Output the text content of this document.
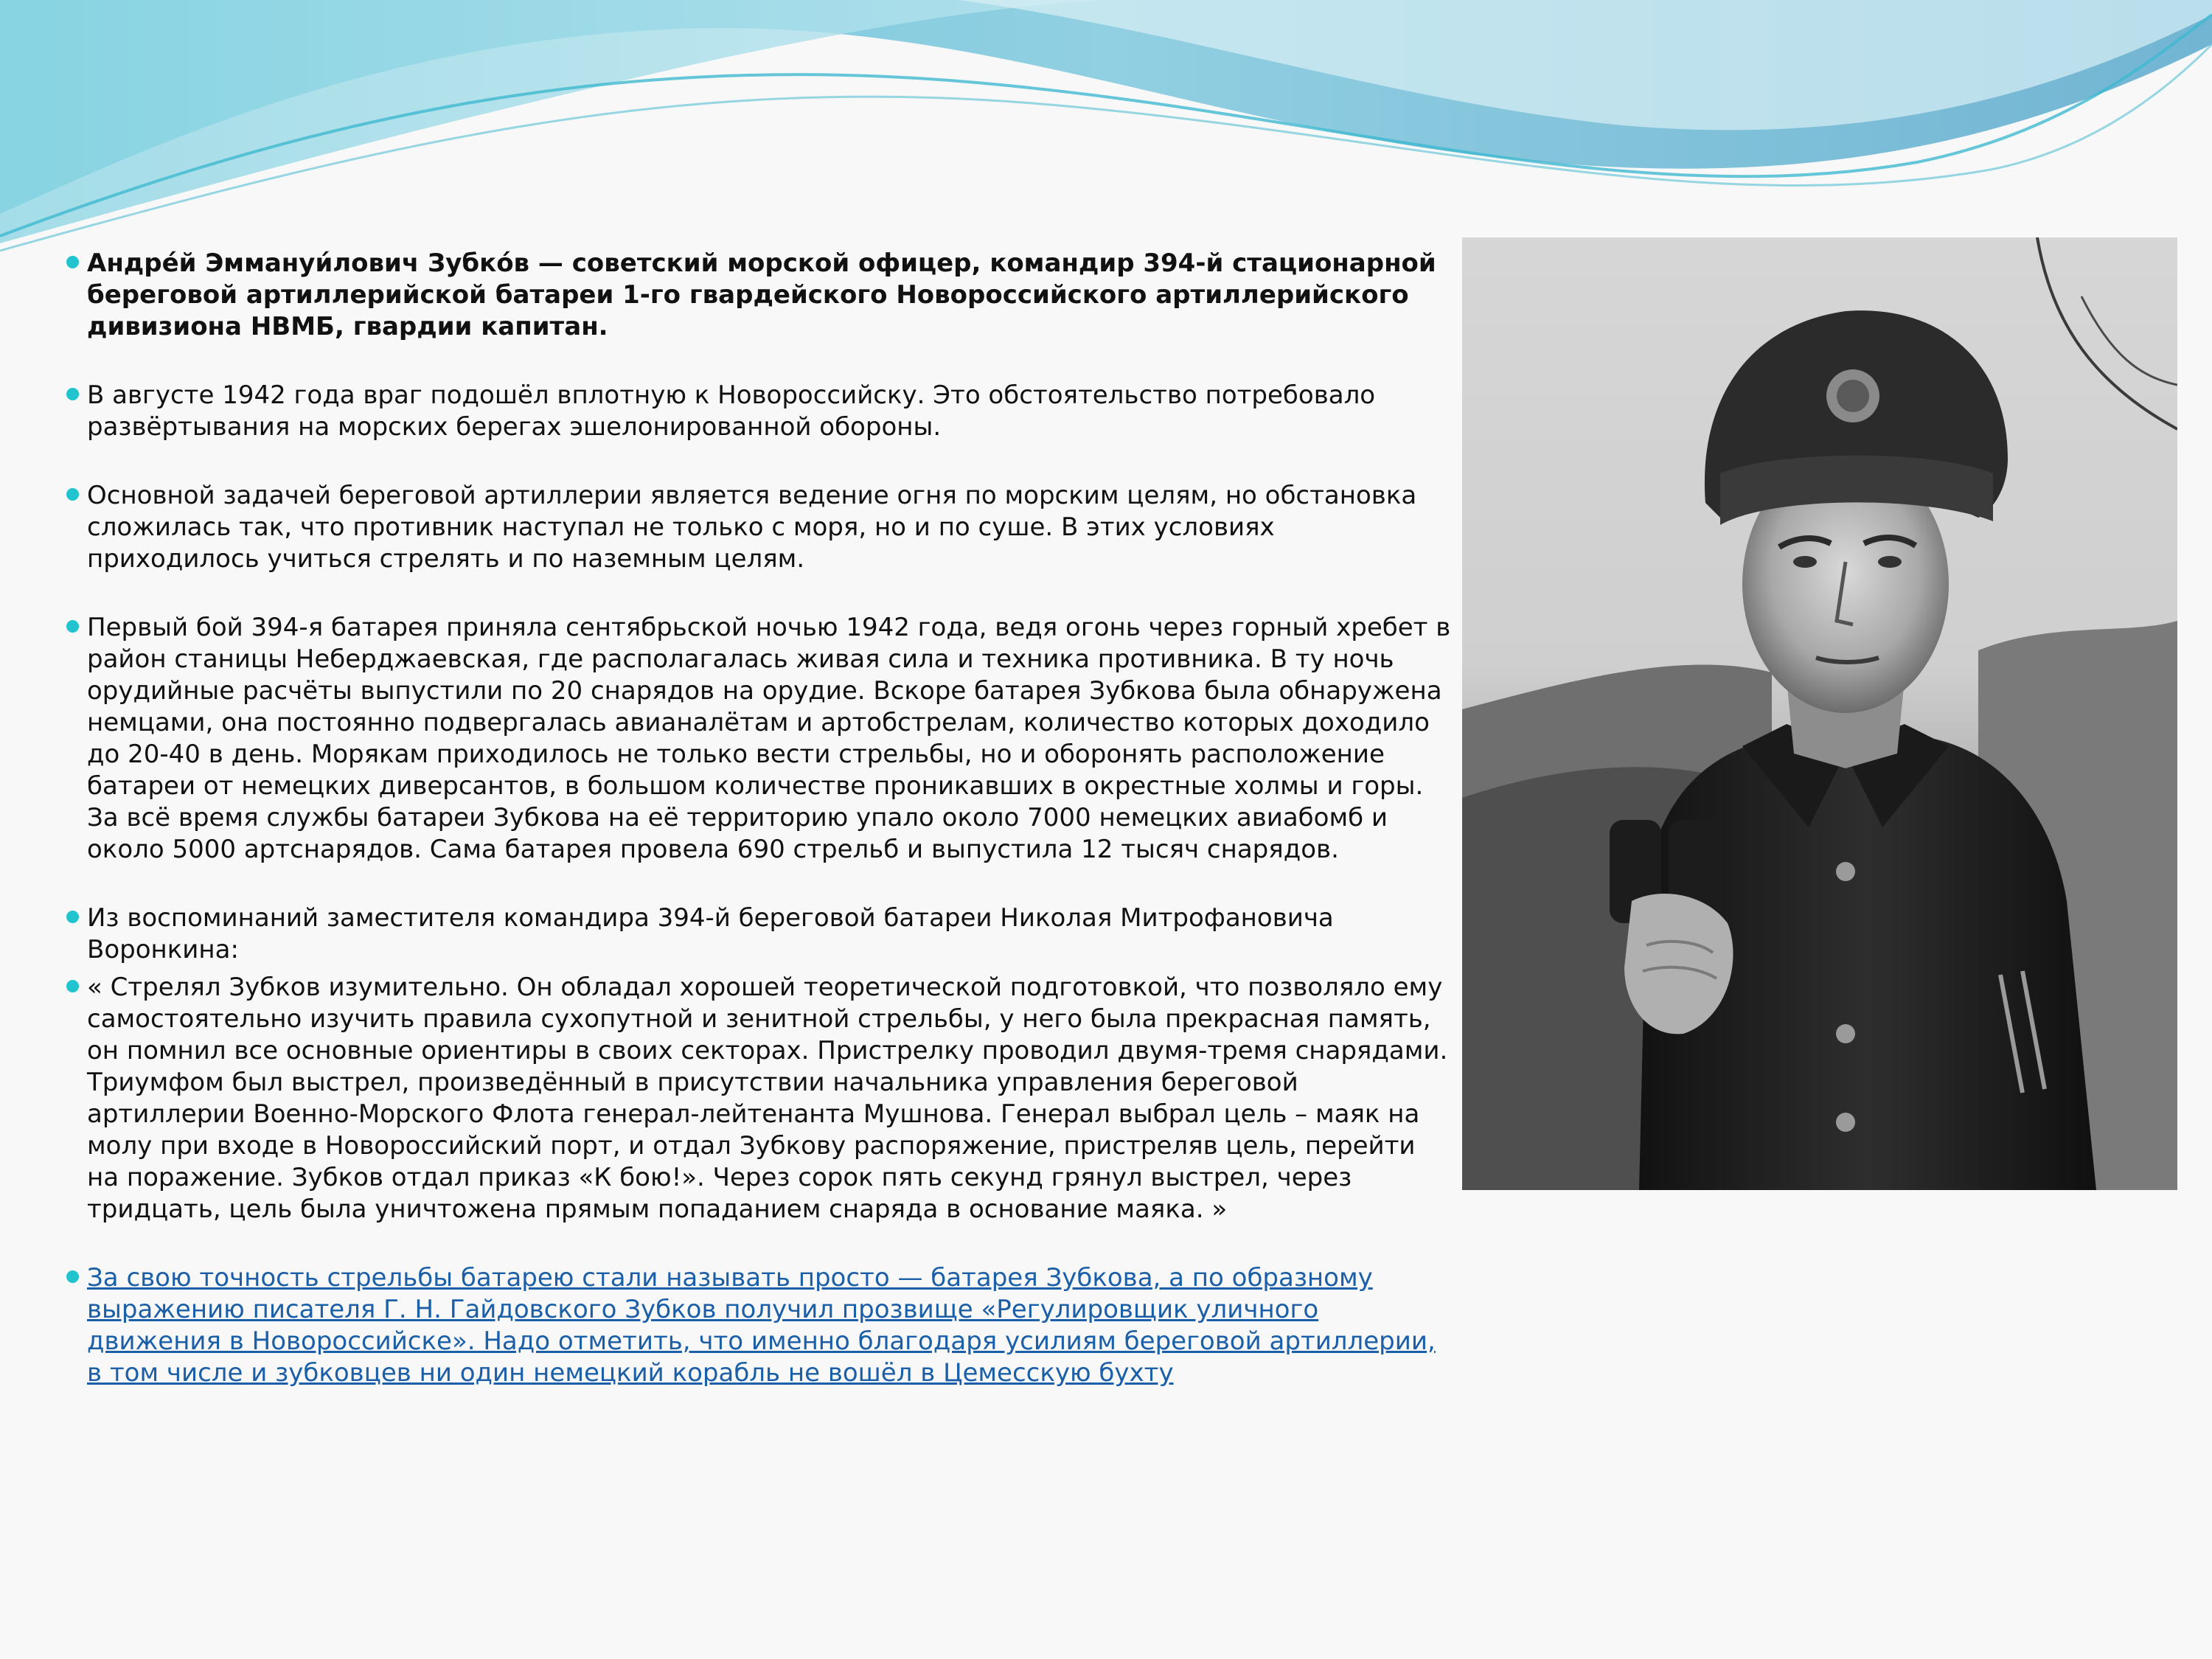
Андре́й Эммануи́лович Зубко́в — советский морской офицер, командир 394-й стационарной береговой артиллерийской батареи 1-го гвардейского Новороссийского артиллерийского дивизиона НВМБ, гвардии капитан.
В августе 1942 года враг подошёл вплотную к Новороссийску. Это обстоятельство потребовало развёртывания на морских берегах эшелонированной обороны.
Основной задачей береговой артиллерии является ведение огня по морским целям, но обстановка сложилась так, что противник наступал не только с моря, но и по суше. В этих условиях приходилось учиться стрелять и по наземным целям.
Первый бой 394-я батарея приняла сентябрьской ночью 1942 года, ведя огонь через горный хребет в район станицы Неберджаевская, где располагалась живая сила и техника противника. В ту ночь орудийные расчёты выпустили по 20 снарядов на орудие. Вскоре батарея Зубкова была обнаружена немцами, она постоянно подвергалась авианалётам и артобстрелам, количество которых доходило до 20-40 в день. Морякам приходилось не только вести стрельбы, но и оборонять расположение батареи от немецких диверсантов, в большом количестве проникавших в окрестные холмы и горы. За всё время службы батареи Зубкова на её территорию упало около 7000 немецких авиабомб и около 5000 артснарядов. Сама батарея провела 690 стрельб и выпустила 12 тысяч снарядов.
Из воспоминаний заместителя командира 394-й береговой батареи Николая Митрофановича Воронкина:
« Стрелял Зубков изумительно. Он обладал хорошей теоретической подготовкой, что позволяло ему самостоятельно изучить правила сухопутной и зенитной стрельбы, у него была прекрасная память, он помнил все основные ориентиры в своих секторах. Пристрелку проводил двумя-тремя снарядами. Триумфом был выстрел, произведённый в присутствии начальника управления береговой артиллерии Военно-Морского Флота генерал-лейтенанта Мушнова. Генерал выбрал цель – маяк на молу при входе в Новороссийский порт, и отдал Зубкову распоряжение, пристреляв цель, перейти на поражение. Зубков отдал приказ «К бою!». Через сорок пять секунд грянул выстрел, через тридцать, цель была уничтожена прямым попаданием снаряда в основание маяка. »
За свою точность стрельбы батарею стали называть просто — батарея Зубкова, а по образному выражению писателя Г. Н. Гайдовского Зубков получил прозвище «Регулировщик уличного движения в Новороссийске». Надо отметить, что именно благодаря усилиям береговой артиллерии, в том числе и зубковцев ни один немецкий корабль не вошёл в Цемесскую бухту
